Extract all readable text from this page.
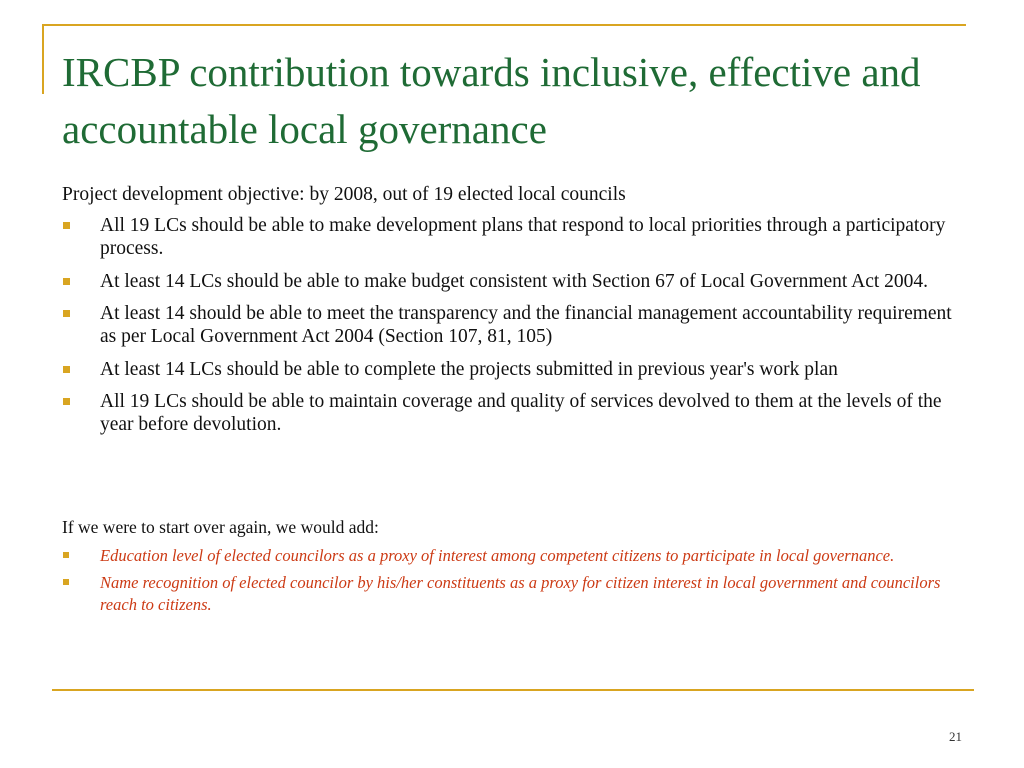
IRCBP contribution towards inclusive, effective and accountable local governance

Project development objective: by 2008, out of 19 elected local councils

All 19 LCs should be able to make development plans that respond to local priorities through a participatory process.
At least 14 LCs should be able to make budget consistent with Section 67 of Local Government Act 2004.
At least 14 should be able to meet the transparency and the financial management accountability requirement as per Local Government Act 2004 (Section 107, 81, 105)
At least 14 LCs should be able to complete the projects submitted in previous year's work plan
All 19 LCs should be able to maintain coverage and quality of services devolved to them at the levels of the year before devolution.

If we were to start over again, we would add:

Education level of elected councilors as a proxy of interest among competent citizens to participate in local governance.
Name recognition of elected councilor by his/her constituents as a proxy for citizen interest in local government and councilors reach to citizens.
21
